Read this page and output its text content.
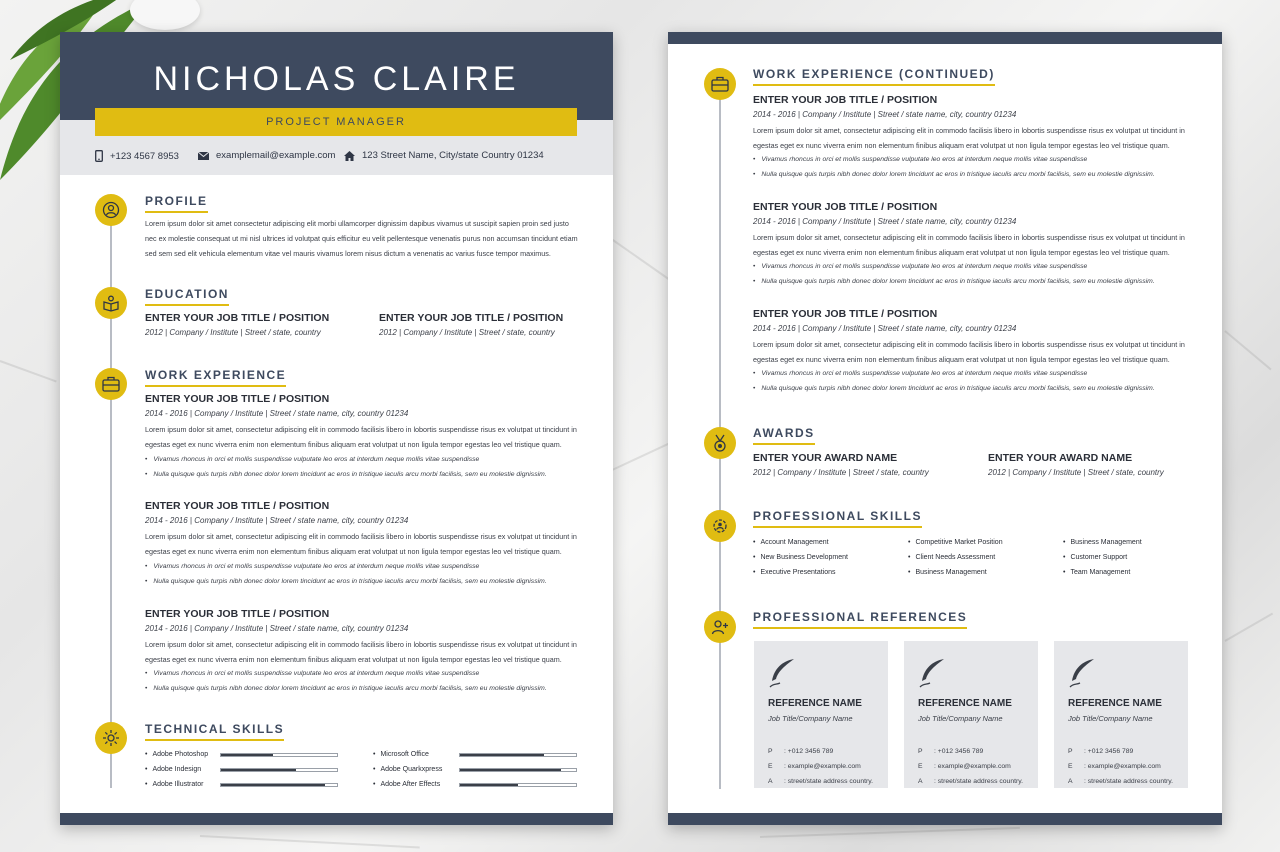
NICHOLAS CLAIRE
PROJECT MANAGER
+123 4567 8953	examplemail@example.com	123 Street Name, City/state Country 01234
PROFILE
Lorem ipsum dolor sit amet consectetur adipiscing elit morbi ullamcorper dignissim dapibus vivamus ut suscipit sapien proin sed justo
nec ex molestie consequat ut mi nisl ultrices id volutpat quis efficitur eu velit pellentesque venenatis purus non accumsan tincidunt etiam
sed sem sed elit vehicula elementum vitae vel mauris vivamus lorem nisus dictum a venenatis ac varius fusce tempor maximus.
EDUCATION
ENTER YOUR JOB TITLE / POSITION
2012 | Company / Institute | Street / state, country
ENTER YOUR JOB TITLE / POSITION
2012 | Company / Institute | Street / state, country
WORK EXPERIENCE
ENTER YOUR JOB TITLE / POSITION
2014 - 2016 | Company / Institute | Street / state name, city, country 01234
Lorem ipsum dolor sit amet, consectetur adipiscing elit in commodo facilisis libero in lobortis suspendisse risus ex volutpat ut tincidunt in
egestas eget ex nunc viverra enim non elementum finibus aliquam erat volutpat ut non ligula tempor egestas leo vel tristique quam.
• Vivamus rhoncus in orci et mollis suspendisse vulputate leo eros at interdum neque mollis vitae suspendisse
• Nulla quisque quis turpis nibh donec dolor lorem tincidunt ac eros in tristique iaculis arcu morbi facilisis, sem eu molestie dignissim.
ENTER YOUR JOB TITLE / POSITION
2014 - 2016 | Company / Institute | Street / state name, city, country 01234
Lorem ipsum dolor sit amet, consectetur adipiscing elit in commodo facilisis libero in lobortis suspendisse risus ex volutpat ut tincidunt in
egestas eget ex nunc viverra enim non elementum finibus aliquam erat volutpat ut non ligula tempor egestas leo vel tristique quam.
• Vivamus rhoncus in orci et mollis suspendisse vulputate leo eros at interdum neque mollis vitae suspendisse
• Nulla quisque quis turpis nibh donec dolor lorem tincidunt ac eros in tristique iaculis arcu morbi facilisis, sem eu molestie dignissim.
ENTER YOUR JOB TITLE / POSITION
2014 - 2016 | Company / Institute | Street / state name, city, country 01234
Lorem ipsum dolor sit amet, consectetur adipiscing elit in commodo facilisis libero in lobortis suspendisse risus ex volutpat ut tincidunt in
egestas eget ex nunc viverra enim non elementum finibus aliquam erat volutpat ut non ligula tempor egestas leo vel tristique quam.
• Vivamus rhoncus in orci et mollis suspendisse vulputate leo eros at interdum neque mollis vitae suspendisse
• Nulla quisque quis turpis nibh donec dolor lorem tincidunt ac eros in tristique iaculis arcu morbi facilisis, sem eu molestie dignissim.
TECHNICAL SKILLS
• Adobe Photoshop
• Adobe Indesign
• Adobe Illustrator
• Microsoft Office
• Adobe Quarkxpress
• Adobe After Effects
WORK EXPERIENCE (CONTINUED)
ENTER YOUR JOB TITLE / POSITION
2014 - 2016 | Company / Institute | Street / state name, city, country 01234
Lorem ipsum dolor sit amet, consectetur adipiscing elit in commodo facilisis libero in lobortis suspendisse risus ex volutpat ut tincidunt in
egestas eget ex nunc viverra enim non elementum finibus aliquam erat volutpat ut non ligula tempor egestas leo vel tristique quam.
• Vivamus rhoncus in orci et mollis suspendisse vulputate leo eros at interdum neque mollis vitae suspendisse
• Nulla quisque quis turpis nibh donec dolor lorem tincidunt ac eros in tristique iaculis arcu morbi facilisis, sem eu molestie dignissim.
ENTER YOUR JOB TITLE / POSITION
2014 - 2016 | Company / Institute | Street / state name, city, country 01234
Lorem ipsum dolor sit amet, consectetur adipiscing elit in commodo facilisis libero in lobortis suspendisse risus ex volutpat ut tincidunt in
egestas eget ex nunc viverra enim non elementum finibus aliquam erat volutpat ut non ligula tempor egestas leo vel tristique quam.
• Vivamus rhoncus in orci et mollis suspendisse vulputate leo eros at interdum neque mollis vitae suspendisse
• Nulla quisque quis turpis nibh donec dolor lorem tincidunt ac eros in tristique iaculis arcu morbi facilisis, sem eu molestie dignissim.
ENTER YOUR JOB TITLE / POSITION
2014 - 2016 | Company / Institute | Street / state name, city, country 01234
Lorem ipsum dolor sit amet, consectetur adipiscing elit in commodo facilisis libero in lobortis suspendisse risus ex volutpat ut tincidunt in
egestas eget ex nunc viverra enim non elementum finibus aliquam erat volutpat ut non ligula tempor egestas leo vel tristique quam.
• Vivamus rhoncus in orci et mollis suspendisse vulputate leo eros at interdum neque mollis vitae suspendisse
• Nulla quisque quis turpis nibh donec dolor lorem tincidunt ac eros in tristique iaculis arcu morbi facilisis, sem eu molestie dignissim.
AWARDS
ENTER YOUR AWARD NAME
2012 | Company / Institute | Street / state, country
ENTER YOUR AWARD NAME
2012 | Company / Institute | Street / state, country
PROFESSIONAL SKILLS
• Account Management
• New Business Development
• Executive Presentations
• Competitive Market Position
• Client Needs Assessment
• Business Management
• Business Management
• Customer Support
• Team Management
PROFESSIONAL REFERENCES
REFERENCE NAME
Job Title/Company Name
P : +012 3456 789
E : example@example.com
A : street/state address country.
REFERENCE NAME
Job Title/Company Name
P : +012 3456 789
E : example@example.com
A : street/state address country.
REFERENCE NAME
Job Title/Company Name
P : +012 3456 789
E : example@example.com
A : street/state address country.
